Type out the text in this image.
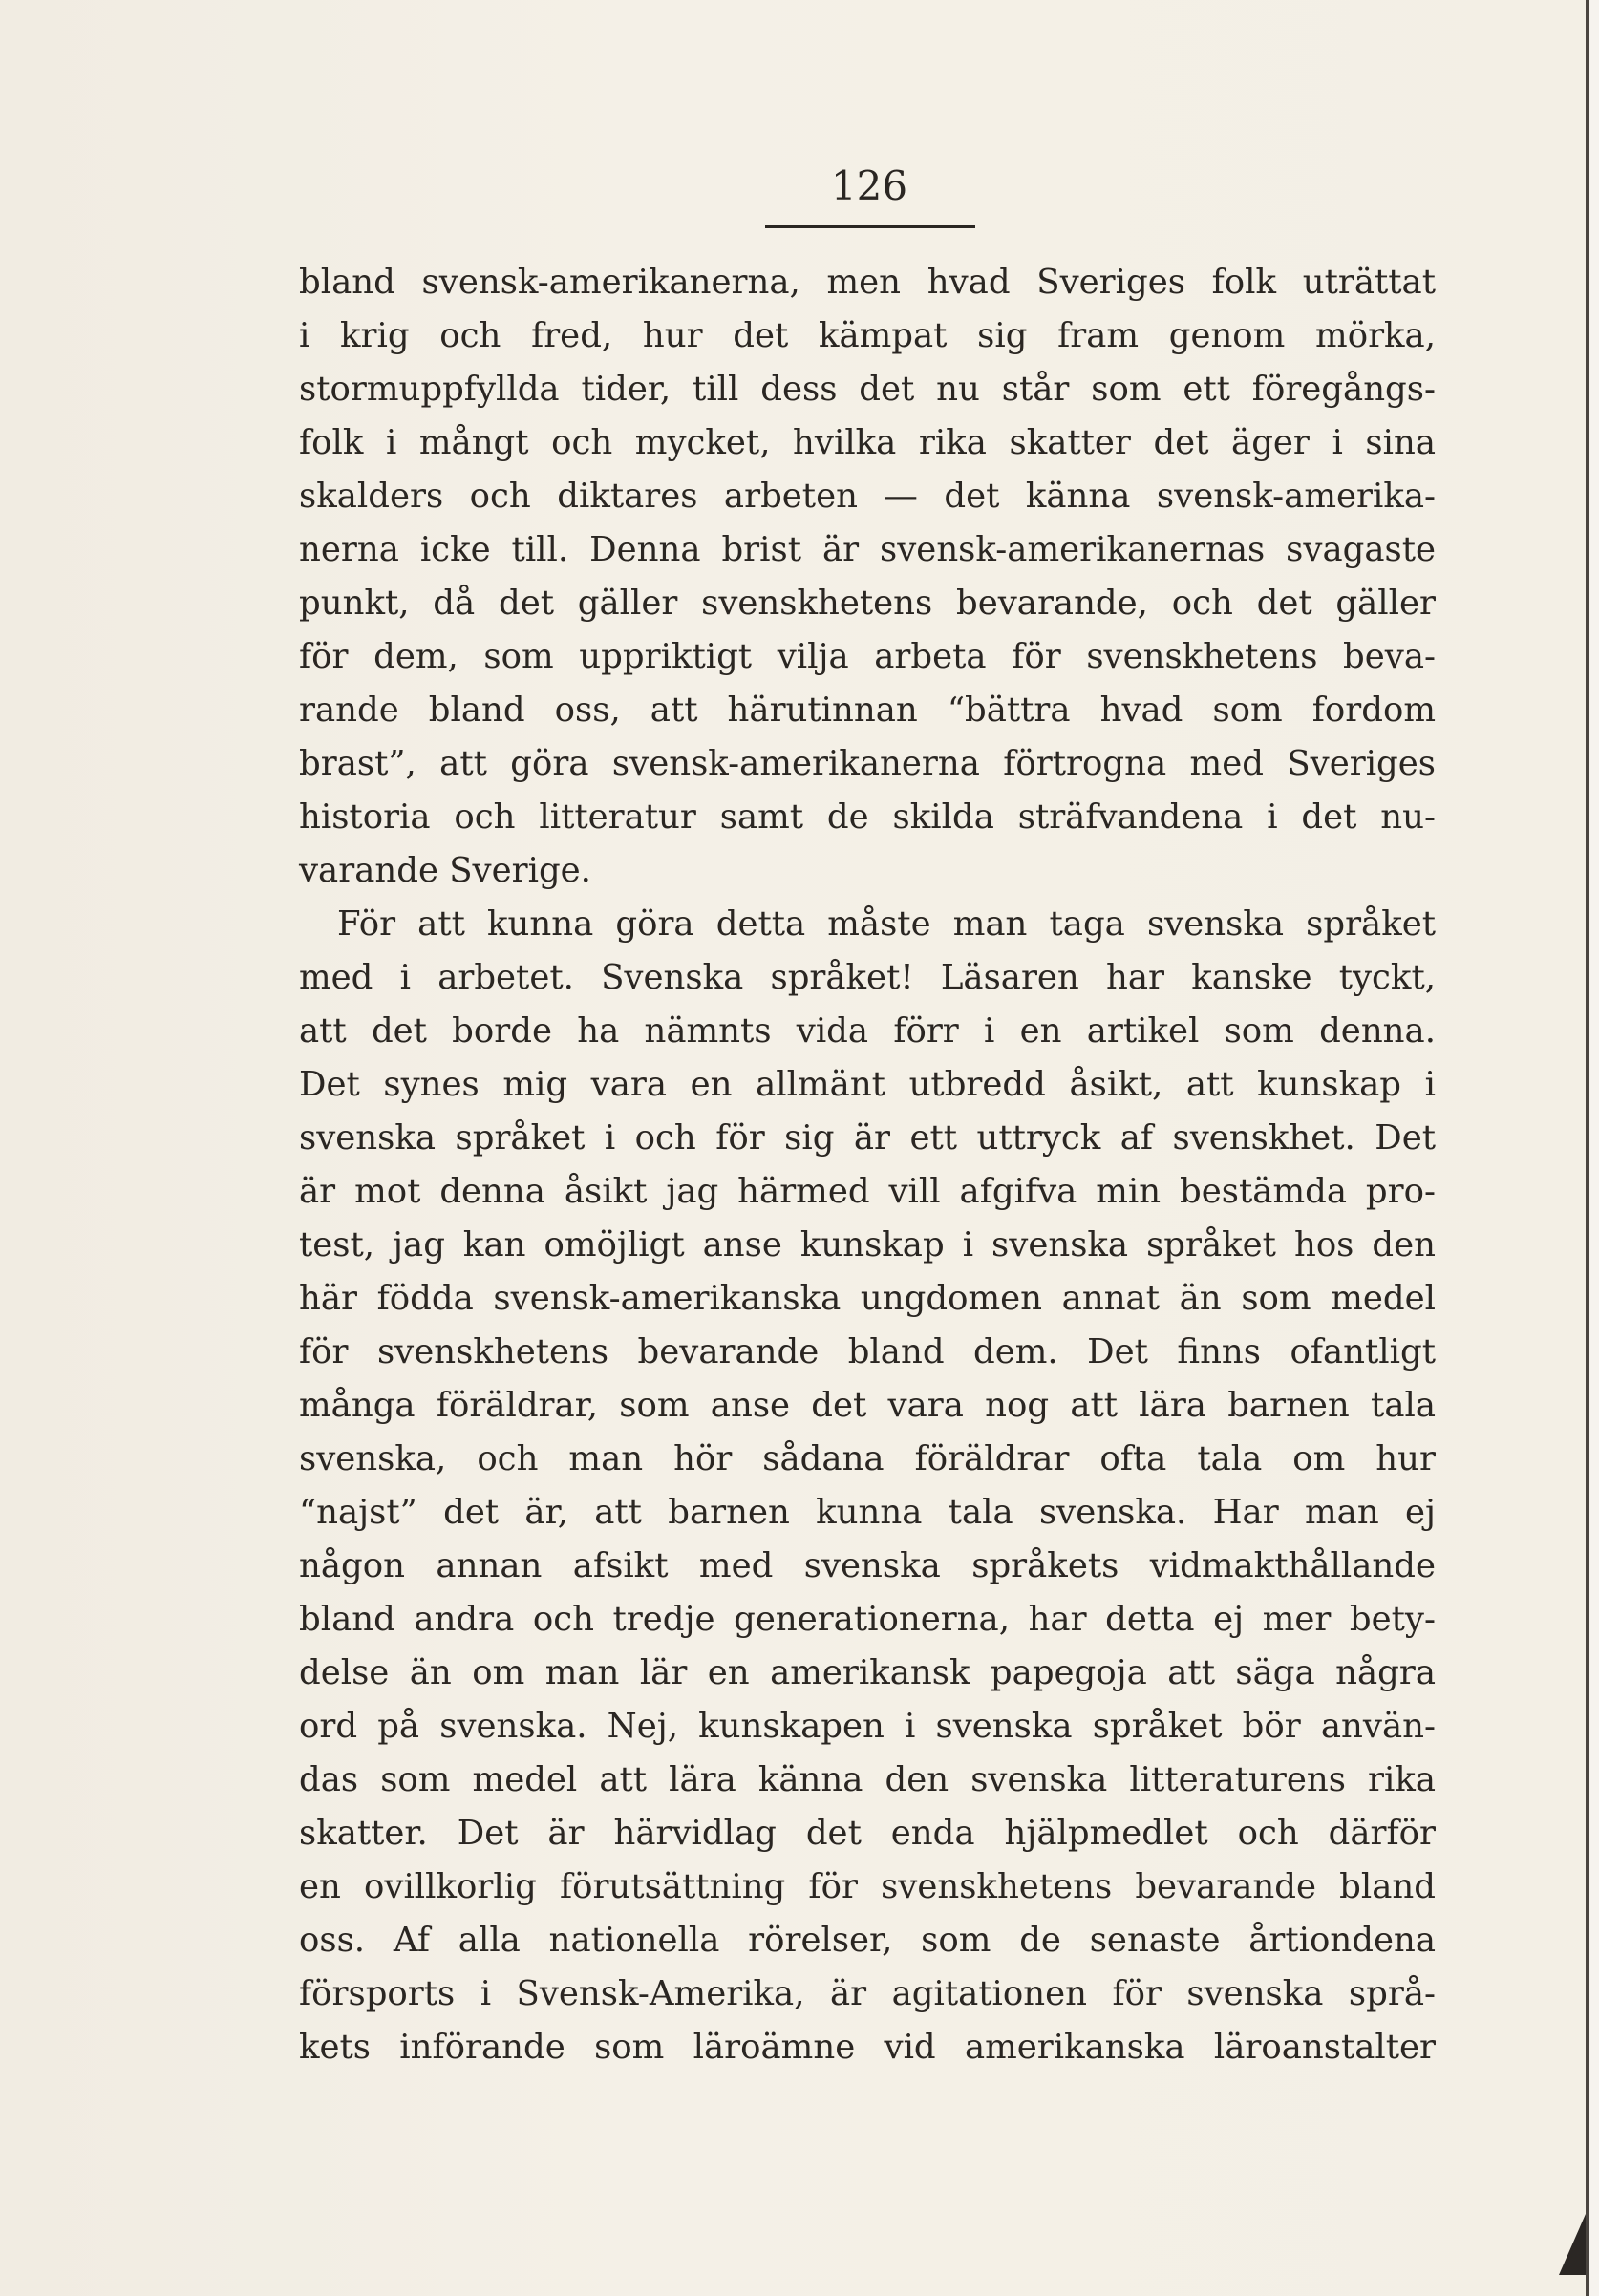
126
bland svensk-amerikanerna, men hvad Sveriges folk uträttat
i krig och fred, hur det kämpat sig fram genom mörka,
stormuppfyllda tider, till dess det nu står som ett föregångs-
folk i mångt och mycket, hvilka rika skatter det äger i sina
skalders och diktares arbeten — det känna svensk-amerika-
nerna icke till. Denna brist är svensk-amerikanernas svagaste
punkt, då det gäller svenskhetens bevarande, och det gäller
för dem, som uppriktigt vilja arbeta för svenskhetens beva-
rande bland oss, att härutinnan “bättra hvad som fordom
brast”, att göra svensk-amerikanerna förtrogna med Sveriges
historia och litteratur samt de skilda sträfvandena i det nu-
varande Sverige.
För att kunna göra detta måste man taga svenska språket
med i arbetet. Svenska språket! Läsaren har kanske tyckt,
att det borde ha nämnts vida förr i en artikel som denna.
Det synes mig vara en allmänt utbredd åsikt, att kunskap i
svenska språket i och för sig är ett uttryck af svenskhet. Det
är mot denna åsikt jag härmed vill afgifva min bestämda pro-
test, jag kan omöjligt anse kunskap i svenska språket hos den
här födda svensk-amerikanska ungdomen annat än som medel
för svenskhetens bevarande bland dem. Det finns ofantligt
många föräldrar, som anse det vara nog att lära barnen tala
svenska, och man hör sådana föräldrar ofta tala om hur
“najst” det är, att barnen kunna tala svenska. Har man ej
någon annan afsikt med svenska språkets vidmakthållande
bland andra och tredje generationerna, har detta ej mer bety-
delse än om man lär en amerikansk papegoja att säga några
ord på svenska. Nej, kunskapen i svenska språket bör använ-
das som medel att lära känna den svenska litteraturens rika
skatter. Det är härvidlag det enda hjälpmedlet och därför
en ovillkorlig förutsättning för svenskhetens bevarande bland
oss. Af alla nationella rörelser, som de senaste årtiondena
försports i Svensk-Amerika, är agitationen för svenska språ-
kets införande som läroämne vid amerikanska läroanstalter
